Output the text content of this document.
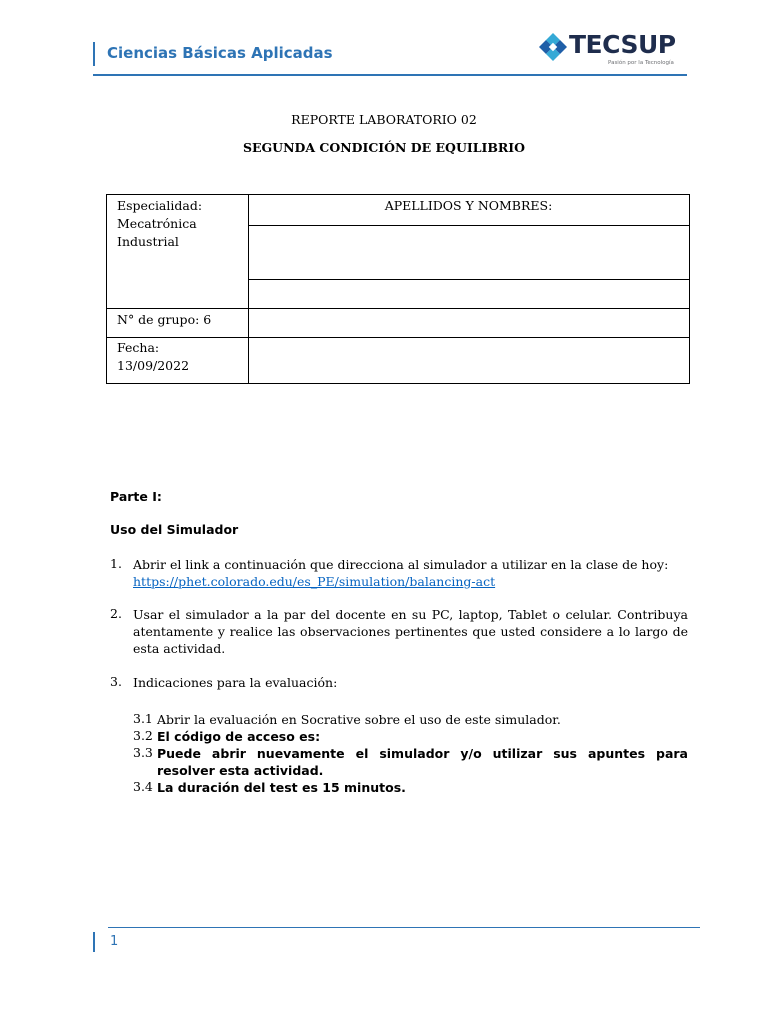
Ciencias Básicas Aplicadas	TECSUP
Pasión por la Tecnología
REPORTE LABORATORIO 02
SEGUNDA CONDICIÓN DE EQUILIBRIO
Especialidad:
Mecatrónica
Industrial
APELLIDOS Y NOMBRES:
N° de grupo: 6
Fecha:
13/09/2022
Parte I:
Uso del Simulador
1. Abrir el link a continuación que direcciona al simulador a utilizar en la clase de hoy:
https://phet.colorado.edu/es_PE/simulation/balancing-act
2. Usar el simulador a la par del docente en su PC, laptop, Tablet o celular. Contribuya atentamente y realice las observaciones pertinentes que usted considere a lo largo de esta actividad.
3. Indicaciones para la evaluación:
3.1 Abrir la evaluación en Socrative sobre el uso de este simulador.
3.2 El código de acceso es:
3.3 Puede abrir nuevamente el simulador y/o utilizar sus apuntes para resolver esta actividad.
3.4 La duración del test es 15 minutos.
1
